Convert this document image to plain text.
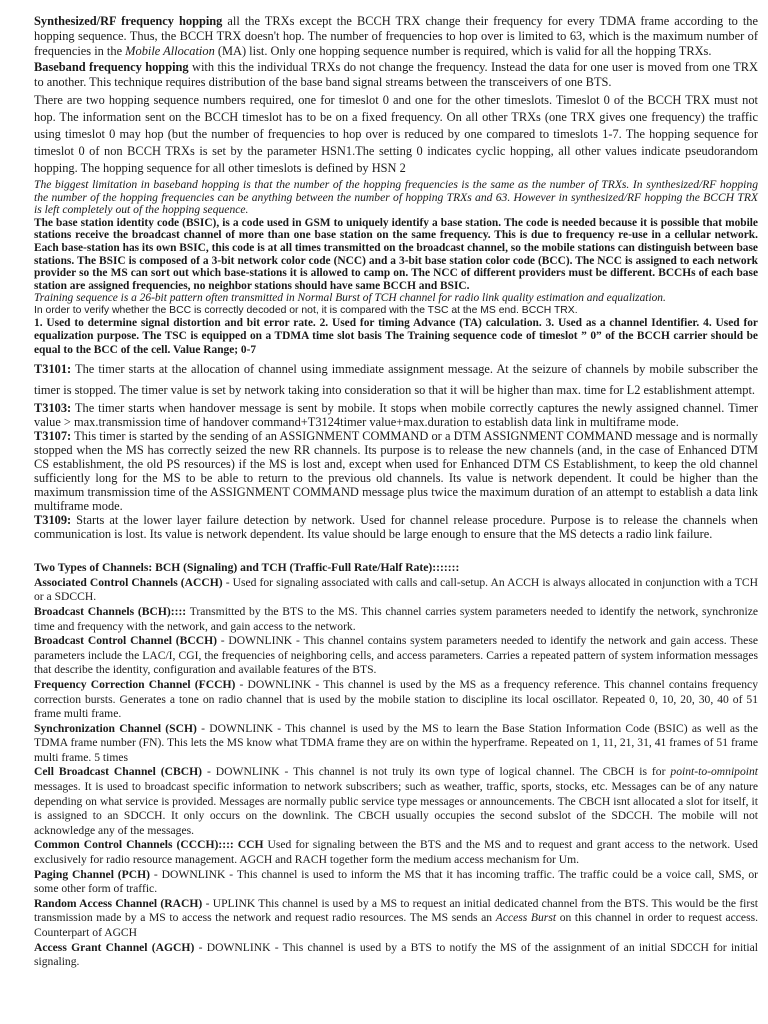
Synthesized/RF frequency hopping all the TRXs except the BCCH TRX change their frequency for every TDMA frame according to the hopping sequence. Thus, the BCCH TRX doesn't hop. The number of frequencies to hop over is limited to 63, which is the maximum number of frequencies in the Mobile Allocation (MA) list. Only one hopping sequence number is required, which is valid for all the hopping TRXs.

Baseband frequency hopping with this the individual TRXs do not change the frequency. Instead the data for one user is moved from one TRX to another. This technique requires distribution of the base band signal streams between the transceivers of one BTS.

There are two hopping sequence numbers required, one for timeslot 0 and one for the other timeslots. Timeslot 0 of the BCCH TRX must not hop. The information sent on the BCCH timeslot has to be on a fixed frequency. On all other TRXs (one TRX gives one frequency) the traffic using timeslot 0 may hop (but the number of frequencies to hop over is reduced by one compared to timeslots 1-7. The hopping sequence for timeslot 0 of non BCCH TRXs is set by the parameter HSN1.The setting 0 indicates cyclic hopping, all other values indicate pseudorandom hopping. The hopping sequence for all other timeslots is defined by HSN 2

The biggest limitation in baseband hopping is that the number of the hopping frequencies is the same as the number of TRXs. In synthesized/RF hopping the number of the hopping frequencies can be anything between the number of hopping TRXs and 63. However in synthesized/RF hopping the BCCH TRX is left completely out of the hopping sequence.

The base station identity code (BSIC), is a code used in GSM to uniquely identify a base station. The code is needed because it is possible that mobile stations receive the broadcast channel of more than one base station on the same frequency. This is due to frequency re-use in a cellular network. Each base-station has its own BSIC, this code is at all times transmitted on the broadcast channel, so the mobile stations can distinguish between base stations. The BSIC is composed of a 3-bit network color code (NCC) and a 3-bit base station color code (BCC). The NCC is assigned to each network provider so the MS can sort out which base-stations it is allowed to camp on. The NCC of different providers must be different. BCCHs of each base station are assigned frequencies, no neighbor stations should have same BCCH and BSIC.

Training sequence is a 26-bit pattern often transmitted in Normal Burst of TCH channel for radio link quality estimation and equalization.

In order to verify whether the BCC is correctly decoded or not, it is compared with the TSC at the MS end. BCCH TRX.

1. Used to determine signal distortion and bit error rate. 2. Used for timing Advance (TA) calculation. 3. Used as a channel Identifier. 4. Used for equalization purpose. The TSC is equipped on a TDMA time slot basis The Training sequence code of timeslot ” 0” of the BCCH carrier should be equal to the BCC of the cell. Value Range; 0-7

T3101: The timer starts at the allocation of channel using immediate assignment message. At the seizure of channels by mobile subscriber the timer is stopped. The timer value is set by network taking into consideration so that it will be higher than max. time for L2 establishment attempt.

T3103: The timer starts when handover message is sent by mobile. It stops when mobile correctly captures the newly assigned channel. Timer value > max.transmission time of handover command+T3124timer value+max.duration to establish data link in multiframe mode.

T3107: This timer is started by the sending of an ASSIGNMENT COMMAND or a DTM ASSIGNMENT COMMAND message and is normally stopped when the MS has correctly seized the new RR channels. Its purpose is to release the new channels (and, in the case of Enhanced DTM CS establishment, the old PS resources) if the MS is lost and, except when used for Enhanced DTM CS Establishment, to keep the old channel sufficiently long for the MS to be able to return to the previous old channels. Its value is network dependent. It could be higher than the maximum transmission time of the ASSIGNMENT COMMAND message plus twice the maximum duration of an attempt to establish a data link multiframe mode.

T3109: Starts at the lower layer failure detection by network. Used for channel release procedure. Purpose is to release the channels when communication is lost. Its value is network dependent. Its value should be large enough to ensure that the MS detects a radio link failure.

Two Types of Channels: BCH (Signaling) and TCH (Traffic-Full Rate/Half Rate):::::::

Associated Control Channels (ACCH) - Used for signaling associated with calls and call-setup. An ACCH is always allocated in conjunction with a TCH or a SDCCH.

Broadcast Channels (BCH):::: Transmitted by the BTS to the MS. This channel carries system parameters needed to identify the network, synchronize time and frequency with the network, and gain access to the network.

Broadcast Control Channel (BCCH) - DOWNLINK - This channel contains system parameters needed to identify the network and gain access. These parameters include the LAC/I, CGI, the frequencies of neighboring cells, and access parameters. Carries a repeated pattern of system information messages that describe the identity, configuration and available features of the BTS.

Frequency Correction Channel (FCCH) - DOWNLINK - This channel is used by the MS as a frequency reference. This channel contains frequency correction bursts. Generates a tone on radio channel that is used by the mobile station to discipline its local oscillator. Repeated 0, 10, 20, 30, 40 of 51 frame multi frame.

Synchronization Channel (SCH) - DOWNLINK - This channel is used by the MS to learn the Base Station Information Code (BSIC) as well as the TDMA frame number (FN). This lets the MS know what TDMA frame they are on within the hyperframe. Repeated on 1, 11, 21, 31, 41 frames of 51 frame multi frame. 5 times

Cell Broadcast Channel (CBCH) - DOWNLINK - This channel is not truly its own type of logical channel. The CBCH is for point-to-omnipoint messages. It is used to broadcast specific information to network subscribers; such as weather, traffic, sports, stocks, etc. Messages can be of any nature depending on what service is provided. Messages are normally public service type messages or announcements. The CBCH isnt allocated a slot for itself, it is assigned to an SDCCH. It only occurs on the downlink. The CBCH usually occupies the second subslot of the SDCCH. The mobile will not acknowledge any of the messages.

Common Control Channels (CCCH):::: CCH Used for signaling between the BTS and the MS and to request and grant access to the network. Used exclusively for radio resource management. AGCH and RACH together form the medium access mechanism for Um.

Paging Channel (PCH) - DOWNLINK - This channel is used to inform the MS that it has incoming traffic. The traffic could be a voice call, SMS, or some other form of traffic.

Random Access Channel (RACH) - UPLINK This channel is used by a MS to request an initial dedicated channel from the BTS. This would be the first transmission made by a MS to access the network and request radio resources. The MS sends an Access Burst on this channel in order to request access. Counterpart of AGCH

Access Grant Channel (AGCH) - DOWNLINK - This channel is used by a BTS to notify the MS of the assignment of an initial SDCCH for initial signaling.
